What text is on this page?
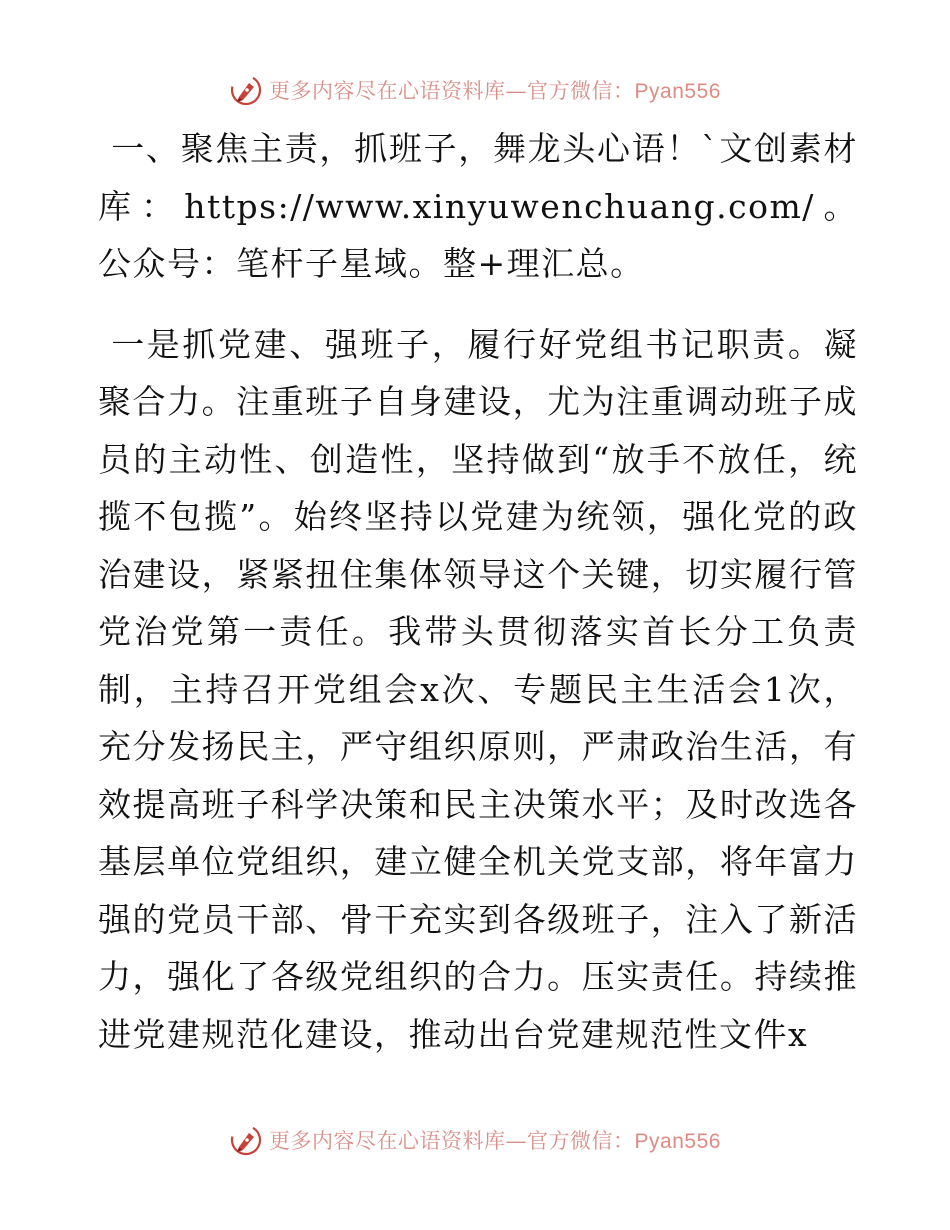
更多内容尽在心语资料库—官方微信：Pyan556

一、聚焦主责，抓班子，舞龙头心语！`文创素材库：https://www.xinyuwenchuang.com/。公众号：笔杆子星域。整+理汇总。

一是抓党建、强班子，履行好党组书记职责。凝聚合力。注重班子自身建设，尤为注重调动班子成员的主动性、创造性，坚持做到“放手不放任，统揽不包揽”。始终坚持以党建为统领，强化党的政治建设，紧紧扭住集体领导这个关键，切实履行管党治党第一责任。我带头贯彻落实首长分工负责制，主持召开党组会x次、专题民主生活会1次，充分发扬民主，严守组织原则，严肃政治生活，有效提高班子科学决策和民主决策水平；及时改选各基层单位党组织，建立健全机关党支部，将年富力强的党员干部、骨干充实到各级班子，注入了新活力，强化了各级党组织的合力。压实责任。持续推进党建规范化建设，推动出台党建规范性文件x

更多内容尽在心语资料库—官方微信：Pyan556
